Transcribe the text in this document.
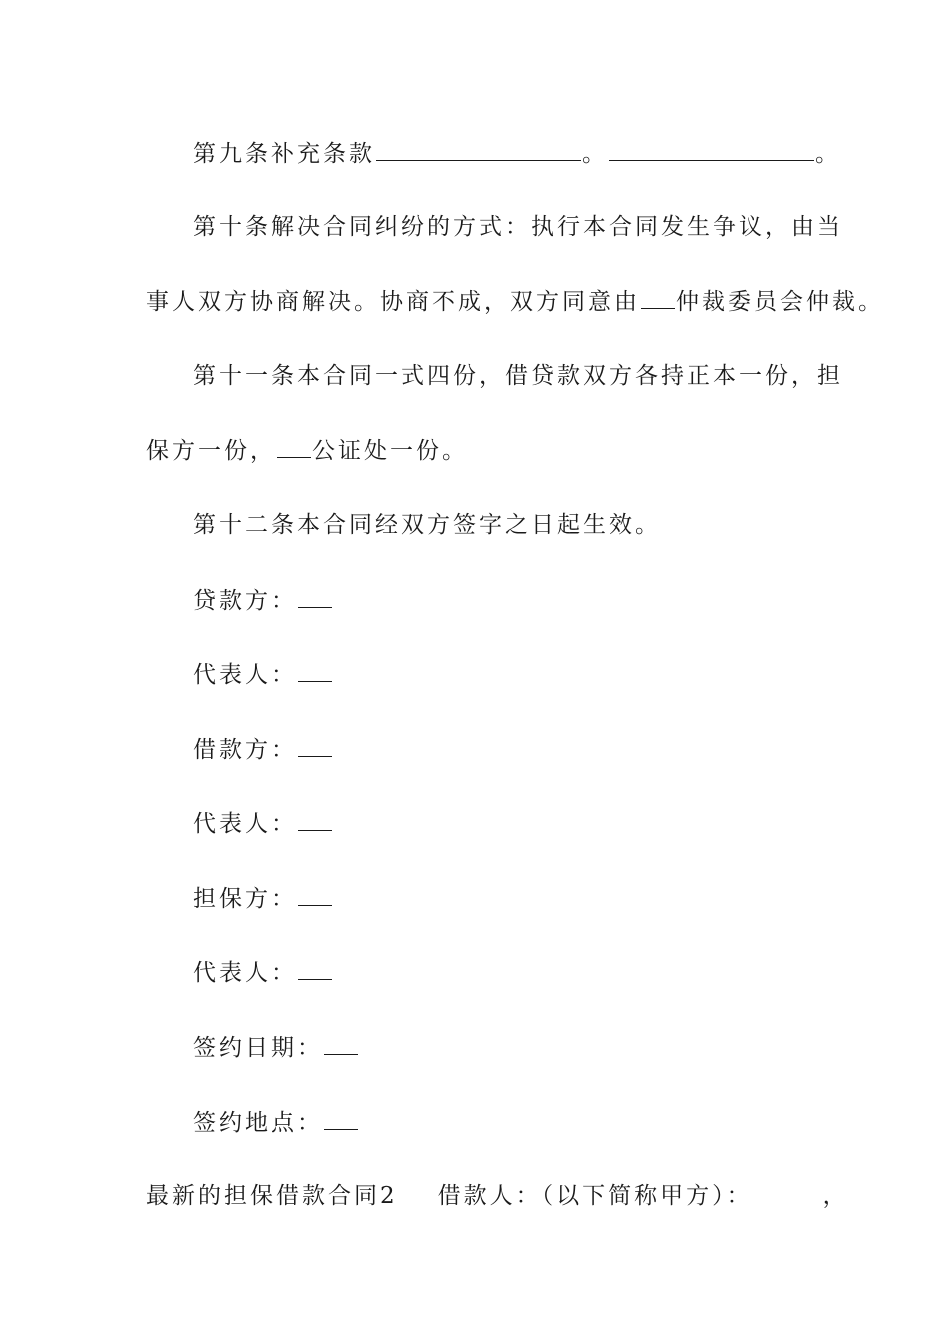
第九条补充条款	。	。
第十条解决合同纠纷的方式：执行本合同发生争议，由当
事人双方协商解决。协商不成，双方同意由 仲裁委员会仲裁。
第十一条本合同一式四份，借贷款双方各持正本一份，担
保方一份， 公证处一份。
第十二条本合同经双方签字之日起生效。
贷款方：
代表人：
借款方：
代表人：
担保方：
代表人：
签约日期：
签约地点：
最新的担保借款合同2 借款人：（以下简称甲方）：	，
